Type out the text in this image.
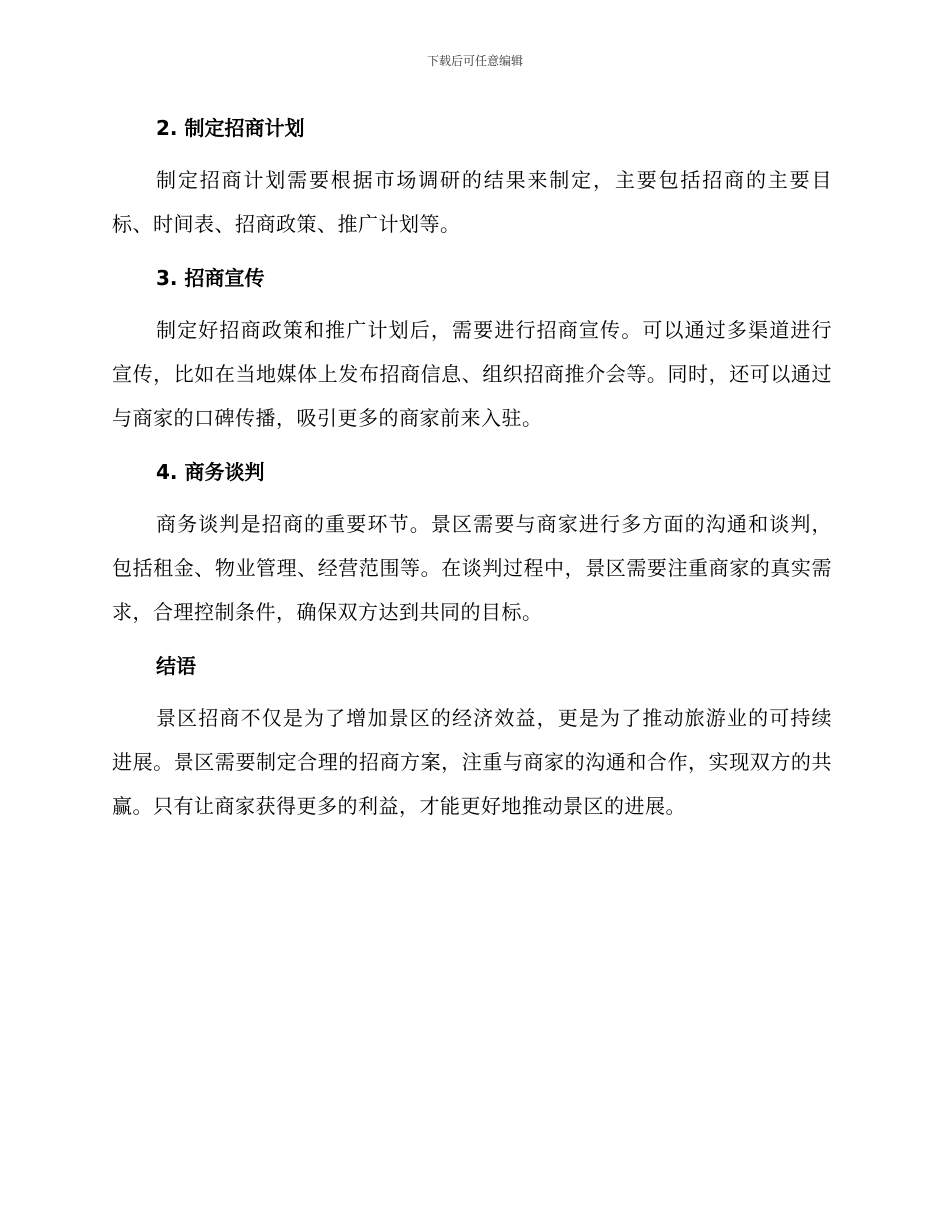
下载后可任意编辑
2. 制定招商计划

制定招商计划需要根据市场调研的结果来制定，主要包括招商的主要目标、时间表、招商政策、推广计划等。

3. 招商宣传

制定好招商政策和推广计划后，需要进行招商宣传。可以通过多渠道进行宣传，比如在当地媒体上发布招商信息、组织招商推介会等。同时，还可以通过与商家的口碑传播，吸引更多的商家前来入驻。

4. 商务谈判

商务谈判是招商的重要环节。景区需要与商家进行多方面的沟通和谈判，包括租金、物业管理、经营范围等。在谈判过程中，景区需要注重商家的真实需求，合理控制条件，确保双方达到共同的目标。

结语

景区招商不仅是为了增加景区的经济效益，更是为了推动旅游业的可持续进展。景区需要制定合理的招商方案，注重与商家的沟通和合作，实现双方的共赢。只有让商家获得更多的利益，才能更好地推动景区的进展。
